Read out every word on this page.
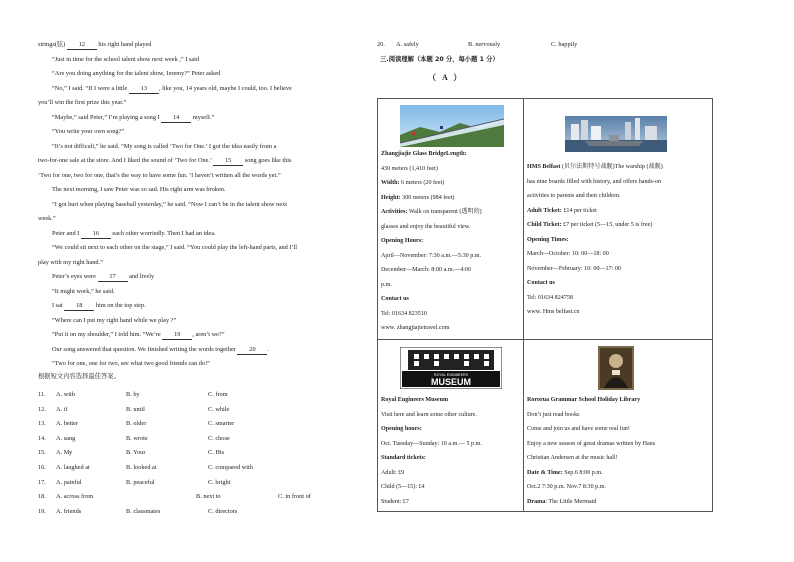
strings(弦) 12 his right hand played
“Just in time for the school talent show next week ,” I said
“Are you doing anything for the talent show, Jeremy?” Peter asked
“No,” I said. “If I were a little 13 , like you, 14 years old, maybe I could, too. I believe
you’ll win the first prize this year.”
“Maybe,” said Peter,” I’m playing a song I 14 myself.”
“You write your own song?”
“It’s not difficult,” he said. “My song is called ‘Two for One.’ I got the idea easily from a
two-for-one sale at the store. And I liked the sound of ‘Two for One.’ 15 song goes like this
‘Two for one, two for one, that’s the way to have some fun. ‘I haven’t written all the words yet.”
The next morning, I saw Peter was so sad. His right arm was broken.
“I got hurt when playing baseball yesterday,” he said. “Now I can’t be in the talent show next
week.”
Peter and I 16 each other worriedly. Then I had an idea.
“We could sit next to each other on the stage,” I said. “You could play the left-hand parts, and I’ll
play with my right hand.”
Peter’s eyes were 17 and lively
“It might work,” he said.
I sat 18 him on the top step.
“Where can I put my right hand while we play ?”
“Put it on my shoulder,” I told him. “We’re 19 , aren’t we?”
Our song answered that question. We finished writing the words together 20 .
“Two for one, one for two, see what two good friends can do!”
根据短文内容选择最佳答案。
11. A. with	B. by	C. from
12. A. if	B. until	C. while
13. A. better	B. older	C. smarter
14. A. sang	B. wrote	C. chose
15. A. My	B. Your	C. His
16. A. laughed at	B. looked at	C. compared with
17. A. painful	B. peaceful	C. bright
18. A. across from	B. next to	C. in front of
19. A. friends	B. classmates	C. directors
20. A. safely	B. nervously	C. happily
三.阅读理解（本题 20 分，每小题 1 分）
（ A ）
ROYAL ENGINEERS
MUSEUM
Zhangjiajie Glass BridgeLength:
430 meters (1,410 feet)
Width: 6 meters (20 feet)
Height: 300 meters (984 feet)
Activities: Walk on transparent (透明的)
glasses and enjoy the beautiful view.
Opening Hours:
April—November: 7:30 a.m.—5:30 p.m.
December—March: 8:00 a.m.—4:00
p.m.
Contact us
Tel: 01634 823510
www. zhangjiajietravel.com
HMS Belfast (贝尔法斯特号战舰)The warship (战舰)
has nine boards filled with history, and offers hands-on
activities to parents and their children.
Adult Ticket: £14 per ticket
Child Ticket: £7 per ticket (5—15, under 5 is free)
Opening Times:
March—October: 10: 00—18: 00
November—February: 10: 00—17: 00
Contact us
Tel: 01634 824758
www. Hms belfast.cn
Royal Engineers Museum
Visit here and learn some other culture.
Opening hours:
Oct. Tuesday—Sunday: 10 a.m.— 5 p.m.
Standard tickets:
Adult: £9
Child (5—15): £4
Student: £7
Rororua Grammar School Holiday Library
Don’t just read books
Come and join us and have some real fun!
Enjoy a new season of great dramas written by Hans
Christian Andersen at the music hall!
Date & Time: Sep.6 8:00 p.m.
Oct.2 7:30 p.m. Nov.7 8:30 p.m.
Drama: The Little Mermaid
